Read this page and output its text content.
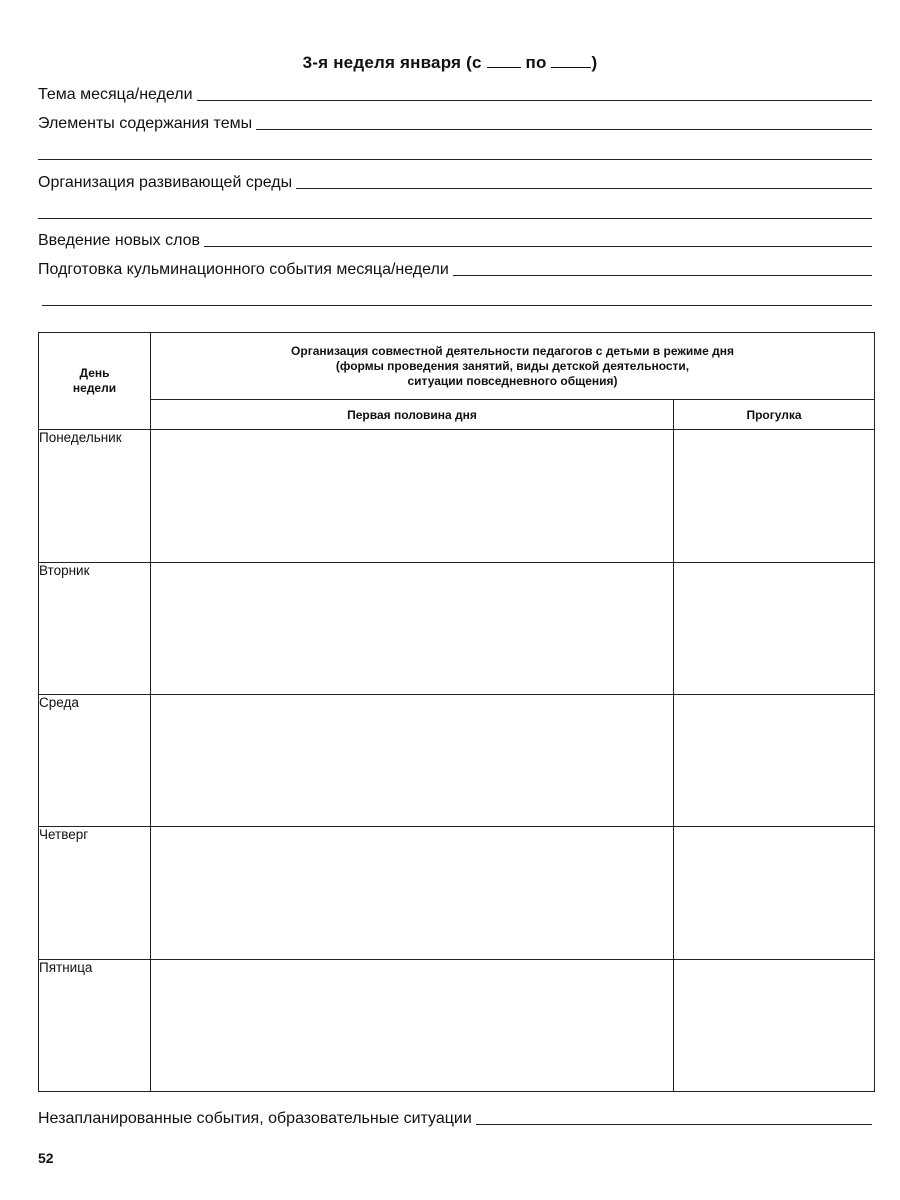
3-я неделя января (с  по )
Тема месяца/недели
Элементы содержания темы
Организация развивающей среды
Введение новых слов
Подготовка кульминационного события месяца/недели
День
недели	Организация совместной деятельности педагогов с детьми в режиме дня
(формы проведения занятий, виды детской деятельности,
ситуации повседневного общения)	
	Первая половина дня	Прогулка
Понедельник		
Вторник		
Среда		
Четверг		
Пятница		
Незапланированные события, образовательные ситуации
52
